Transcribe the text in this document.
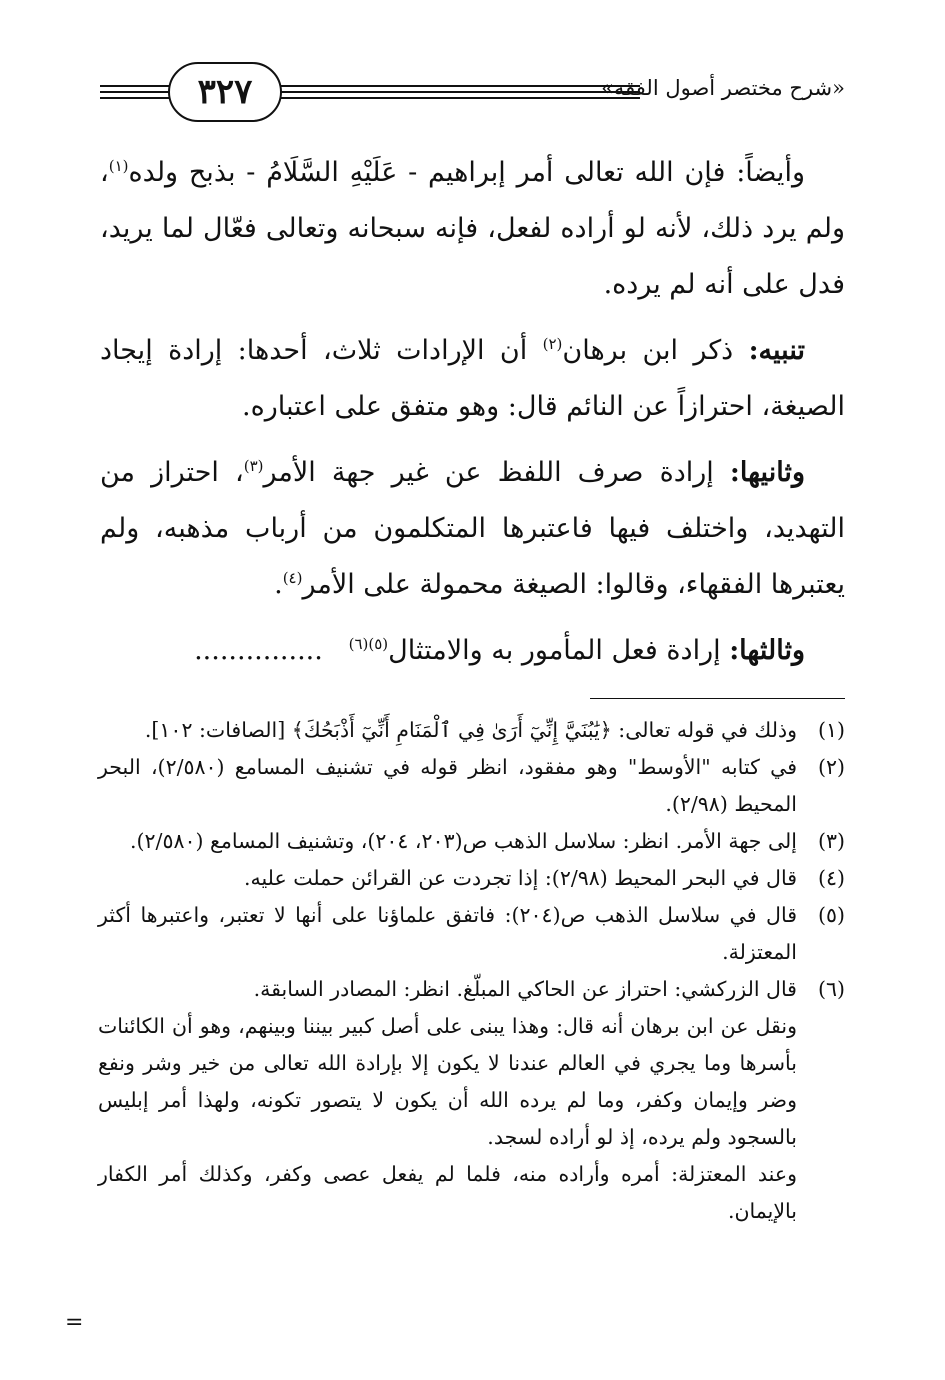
٣٢٧	«شرح مختصر أصول الفقه»

وأيضاً: فإن الله تعالى أمر إبراهيم - عَلَيْهِ السَّلَامُ - بذبح ولده$^{(١)}$، ولم يرد ذلك، لأنه لو أراده لفعل، فإنه سبحانه وتعالى فعّال لما يريد، فدل على أنه لم يرده.

تنبيه: ذكر ابن برهان$^{(٢)}$ أن الإرادات ثلاث، أحدها: إرادة إيجاد الصيغة، احترازاً عن النائم قال: وهو متفق على اعتباره.

وثانيها: إرادة صرف اللفظ عن غير جهة الأمر$^{(٣)}$، احتراز من التهديد، واختلف فيها فاعتبرها المتكلمون من أرباب مذهبه، ولم يعتبرها الفقهاء، وقالوا: الصيغة محمولة على الأمر$^{(٤)}$.

وثالثها: إرادة فعل المأمور به والامتثال$^{(٥)(٦)}$   ...............

(١)

وذلك في قوله تعالى: ﴿يَٰبُنَيَّ إِنِّيٓ أَرَىٰ فِي ٱلْمَنَامِ أَنِّيٓ أَذْبَحُكَ﴾ [الصافات: ١٠٢].

(٢)

في كتابه "الأوسط" وهو مفقود، انظر قوله في تشنيف المسامع (٢/٥٨٠)، البحر المحيط (٢/٩٨).

(٣)

إلى جهة الأمر. انظر: سلاسل الذهب ص(٢٠٣، ٢٠٤)، وتشنيف المسامع (٢/٥٨٠).

(٤)

قال في البحر المحيط (٢/٩٨): إذا تجردت عن القرائن حملت عليه.

(٥)

قال في سلاسل الذهب ص(٢٠٤): فاتفق علماؤنا على أنها لا تعتبر، واعتبرها أكثر المعتزلة.

(٦)

قال الزركشي: احتراز عن الحاكي المبلّغ. انظر: المصادر السابقة.

ونقل عن ابن برهان أنه قال: وهذا يبنى على أصل كبير بيننا وبينهم، وهو أن الكائنات بأسرها وما يجري في العالم عندنا لا يكون إلا بإرادة الله تعالى من خير وشر ونفع وضر وإيمان وكفر، وما لم يرده الله أن يكون لا يتصور تكونه، ولهذا أمر إبليس بالسجود ولم يرده، إذ لو أراده لسجد.

وعند المعتزلة: أمره وأراده منه، فلما لم يفعل عصى وكفر، وكذلك أمر الكفار بالإيمان.

=
